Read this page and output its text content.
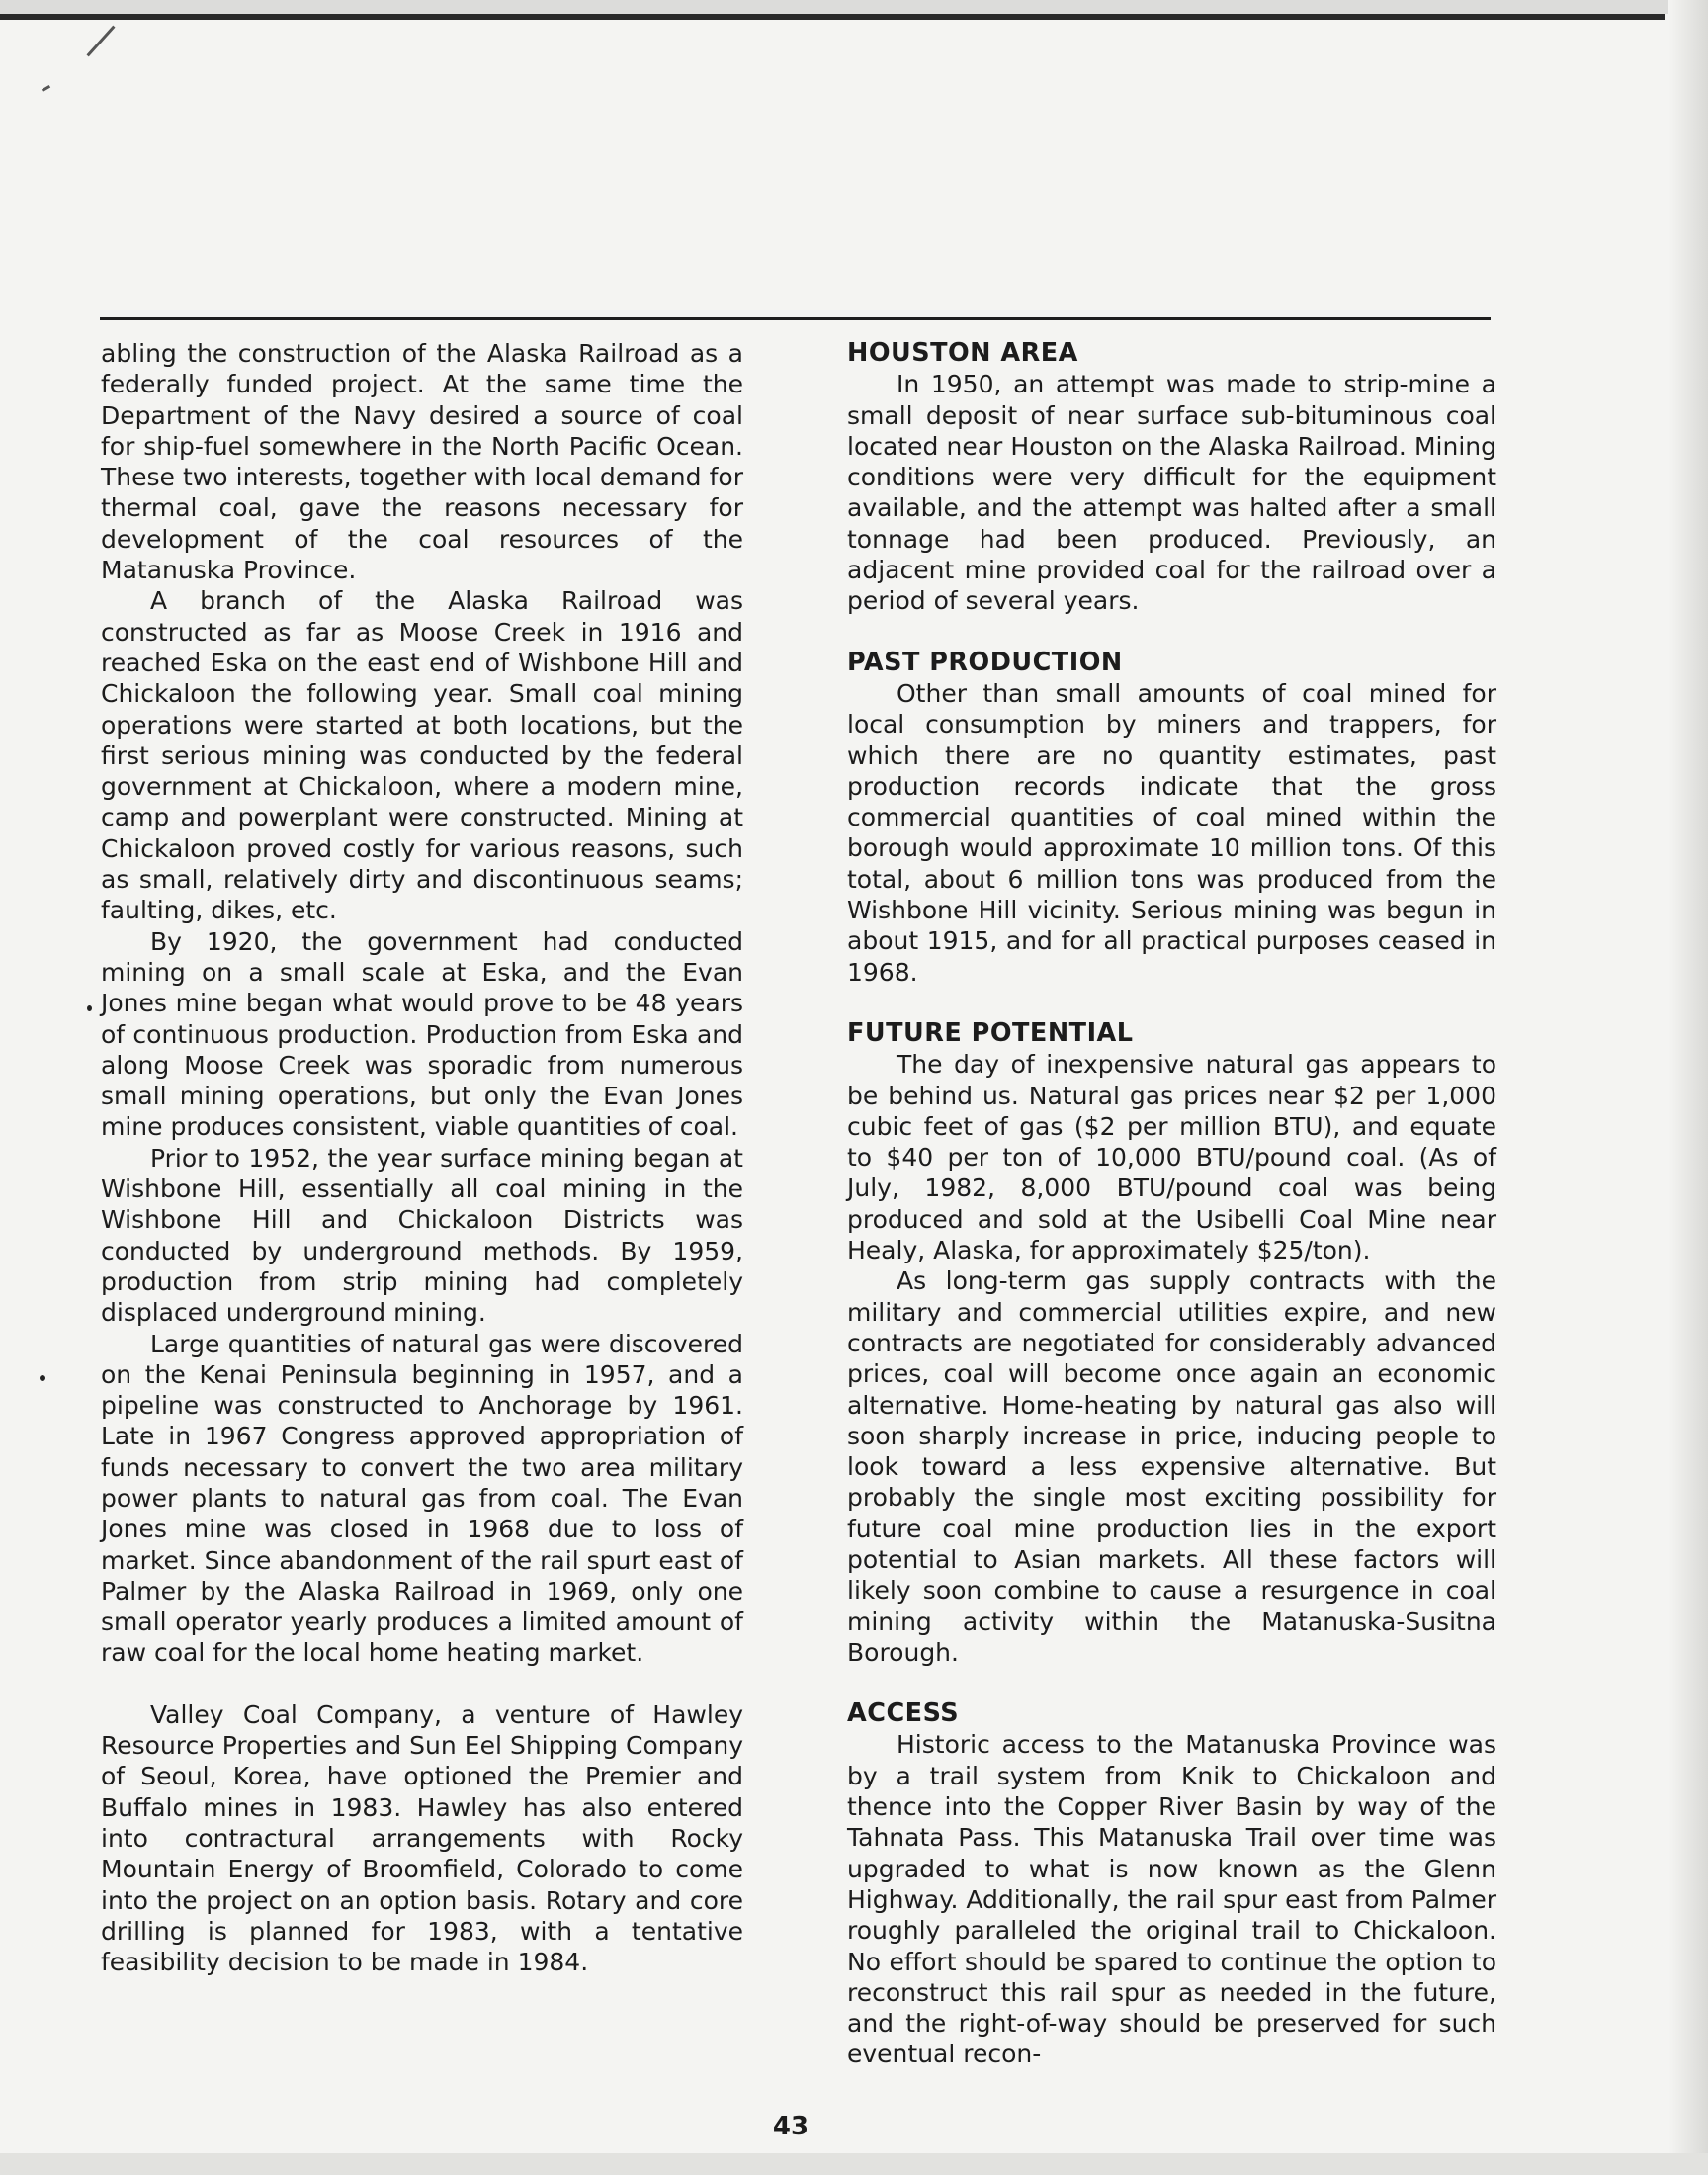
abling the construction of the Alaska Railroad as a federally funded project. At the same time the Department of the Navy desired a source of coal for ship-fuel somewhere in the North Pacific Ocean. These two interests, together with local demand for thermal coal, gave the reasons necessary for development of the coal resources of the Matanuska Province.

A branch of the Alaska Railroad was constructed as far as Moose Creek in 1916 and reached Eska on the east end of Wishbone Hill and Chickaloon the following year. Small coal mining operations were started at both locations, but the first serious mining was conducted by the federal government at Chickaloon, where a modern mine, camp and powerplant were constructed. Mining at Chickaloon proved costly for various reasons, such as small, relatively dirty and discontinuous seams; faulting, dikes, etc.

By 1920, the government had conducted mining on a small scale at Eska, and the Evan Jones mine began what would prove to be 48 years of continuous production. Production from Eska and along Moose Creek was sporadic from numerous small mining operations, but only the Evan Jones mine produces consistent, viable quantities of coal.

Prior to 1952, the year surface mining began at Wishbone Hill, essentially all coal mining in the Wishbone Hill and Chickaloon Districts was conducted by underground methods. By 1959, production from strip mining had completely displaced underground mining.

Large quantities of natural gas were discovered on the Kenai Peninsula beginning in 1957, and a pipeline was constructed to Anchorage by 1961. Late in 1967 Congress approved appropriation of funds necessary to convert the two area military power plants to natural gas from coal. The Evan Jones mine was closed in 1968 due to loss of market. Since abandonment of the rail spurt east of Palmer by the Alaska Railroad in 1969, only one small operator yearly produces a limited amount of raw coal for the local home heating market.

Valley Coal Company, a venture of Hawley Resource Properties and Sun Eel Shipping Company of Seoul, Korea, have optioned the Premier and Buffalo mines in 1983. Hawley has also entered into contractural arrangements with Rocky Mountain Energy of Broomfield, Colorado to come into the project on an option basis. Rotary and core drilling is planned for 1983, with a tentative feasibility decision to be made in 1984.

HOUSTON AREA

In 1950, an attempt was made to strip-mine a small deposit of near surface sub-bituminous coal located near Houston on the Alaska Railroad. Mining conditions were very difficult for the equipment available, and the attempt was halted after a small tonnage had been produced. Previously, an adjacent mine provided coal for the railroad over a period of several years.

PAST PRODUCTION

Other than small amounts of coal mined for local consumption by miners and trappers, for which there are no quantity estimates, past production records indicate that the gross commercial quantities of coal mined within the borough would approximate 10 million tons. Of this total, about 6 million tons was produced from the Wishbone Hill vicinity. Serious mining was begun in about 1915, and for all practical purposes ceased in 1968.

FUTURE POTENTIAL

The day of inexpensive natural gas appears to be behind us. Natural gas prices near $2 per 1,000 cubic feet of gas ($2 per million BTU), and equate to $40 per ton of 10,000 BTU/pound coal. (As of July, 1982, 8,000 BTU/pound coal was being produced and sold at the Usibelli Coal Mine near Healy, Alaska, for approximately $25/ton).

As long-term gas supply contracts with the military and commercial utilities expire, and new contracts are negotiated for considerably advanced prices, coal will become once again an economic alternative. Home-heating by natural gas also will soon sharply increase in price, inducing people to look toward a less expensive alternative. But probably the single most exciting possibility for future coal mine production lies in the export potential to Asian markets. All these factors will likely soon combine to cause a resurgence in coal mining activity within the Matanuska-Susitna Borough.

ACCESS

Historic access to the Matanuska Province was by a trail system from Knik to Chickaloon and thence into the Copper River Basin by way of the Tahnata Pass. This Matanuska Trail over time was upgraded to what is now known as the Glenn Highway. Additionally, the rail spur east from Palmer roughly paralleled the original trail to Chickaloon. No effort should be spared to continue the option to reconstruct this rail spur as needed in the future, and the right-of-way should be preserved for such eventual recon-

43
